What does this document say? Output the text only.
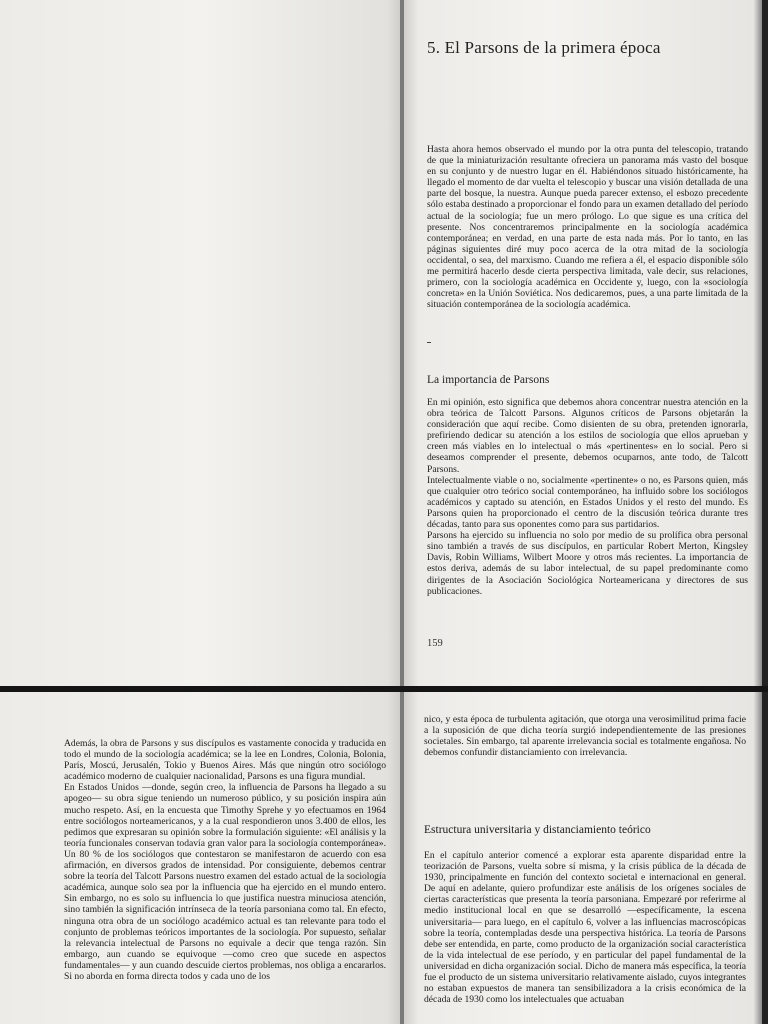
5. El Parsons de la primera época
Hasta ahora hemos observado el mundo por la otra punta del telescopio, tratando de que la miniaturización resultante ofreciera un panorama más vasto del bosque en su conjunto y de nuestro lugar en él. Habiéndonos situado históricamente, ha llegado el momento de dar vuelta el telescopio y buscar una visión detallada de una parte del bosque, la nuestra. Aunque pueda parecer extenso, el esbozo precedente sólo estaba destinado a proporcionar el fondo para un examen detallado del período actual de la sociología; fue un mero prólogo. Lo que sigue es una crítica del presente. Nos concentraremos principalmente en la sociología académica contemporánea; en verdad, en una parte de esta nada más. Por lo tanto, en las páginas siguientes diré muy poco acerca de la otra mitad de la sociología occidental, o sea, del marxismo. Cuando me refiera a él, el espacio disponible sólo me permitirá hacerlo desde cierta perspectiva limitada, vale decir, sus relaciones, primero, con la sociología académica en Occidente y, luego, con la «sociología concreta» en la Unión Soviética. Nos dedicaremos, pues, a una parte limitada de la situación contemporánea de la sociología académica.
La importancia de Parsons

En mi opinión, esto significa que debemos ahora concentrar nuestra atención en la obra teórica de Talcott Parsons. Algunos críticos de Parsons objetarán la consideración que aquí recibe. Como disienten de su obra, pretenden ignorarla, prefiriendo dedicar su atención a los estilos de sociología que ellos aprueban y creen más viables en lo intelectual o más «pertinentes» en lo social. Pero si deseamos comprender el presente, debemos ocuparnos, ante todo, de Talcott Parsons.

Intelectualmente viable o no, socialmente «pertinente» o no, es Parsons quien, más que cualquier otro teórico social contemporáneo, ha influido sobre los sociólogos académicos y captado su atención, en Estados Unidos y el resto del mundo. Es Parsons quien ha proporcionado el centro de la discusión teórica durante tres décadas, tanto para sus oponentes como para sus partidarios.

Parsons ha ejercido su influencia no solo por medio de su prolífica obra personal sino también a través de sus discípulos, en particular Robert Merton, Kingsley Davis, Robin Williams, Wilbert Moore y otros más recientes. La importancia de estos deriva, además de su labor intelectual, de su papel predominante como dirigentes de la Asociación Sociológica Norteamericana y directores de sus publicaciones.

159

Además, la obra de Parsons y sus discípulos es vastamente conocida y traducida en todo el mundo de la sociología académica; se la lee en Londres, Colonia, Bolonia, París, Moscú, Jerusalén, Tokio y Buenos Aires. Más que ningún otro sociólogo académico moderno de cualquier nacionalidad, Parsons es una figura mundial.

En Estados Unidos —donde, según creo, la influencia de Parsons ha llegado a su apogeo— su obra sigue teniendo un numeroso público, y su posición inspira aún mucho respeto. Así, en la encuesta que Timothy Sprehe y yo efectuamos en 1964 entre sociólogos norteamericanos, y a la cual respondieron unos 3.400 de ellos, les pedimos que expresaran su opinión sobre la formulación siguiente: «El análisis y la teoría funcionales conservan todavía gran valor para la sociología contemporánea». Un 80 % de los sociólogos que contestaron se manifestaron de acuerdo con esa afirmación, en diversos grados de intensidad. Por consiguiente, debemos centrar sobre la teoría del Talcott Parsons nuestro examen del estado actual de la sociología académica, aunque solo sea por la influencia que ha ejercido en el mundo entero. Sin embargo, no es solo su influencia lo que justifica nuestra minuciosa atención, sino también la significación intrínseca de la teoría parsoniana como tal. En efecto, ninguna otra obra de un sociólogo académico actual es tan relevante para todo el conjunto de problemas teóricos importantes de la sociología. Por supuesto, señalar la relevancia intelectual de Parsons no equivale a decir que tenga razón. Sin embargo, aun cuando se equivoque —como creo que sucede en aspectos fundamentales— y aun cuando descuide ciertos problemas, nos obliga a encararlos. Si no aborda en forma directa todos y cada uno de los

nico, y esta época de turbulenta agitación, que otorga una verosimilitud prima facie a la suposición de que dicha teoría surgió independientemente de las presiones societales. Sin embargo, tal aparente irrelevancia social es totalmente engañosa. No debemos confundir distanciamiento con irrelevancia.
Estructura universitaria y distanciamiento teórico
En el capítulo anterior comencé a explorar esta aparente disparidad entre la teorización de Parsons, vuelta sobre sí misma, y la crisis pública de la década de 1930, principalmente en función del contexto societal e internacional en general. De aquí en adelante, quiero profundizar este análisis de los orígenes sociales de ciertas características que presenta la teoría parsoniana. Empezaré por referirme al medio institucional local en que se desarrolló —específicamente, la escena universitaria— para luego, en el capítulo 6, volver a las influencias macroscópicas sobre la teoría, contempladas desde una perspectiva histórica. La teoría de Parsons debe ser entendida, en parte, como producto de la organización social característica de la vida intelectual de ese período, y en particular del papel fundamental de la universidad en dicha organización social. Dicho de manera más específica, la teoría fue el producto de un sistema universitario relativamente aislado, cuyos integrantes no estaban expuestos de manera tan sensibilizadora a la crisis económica de la década de 1930 como los intelectuales que actuaban
